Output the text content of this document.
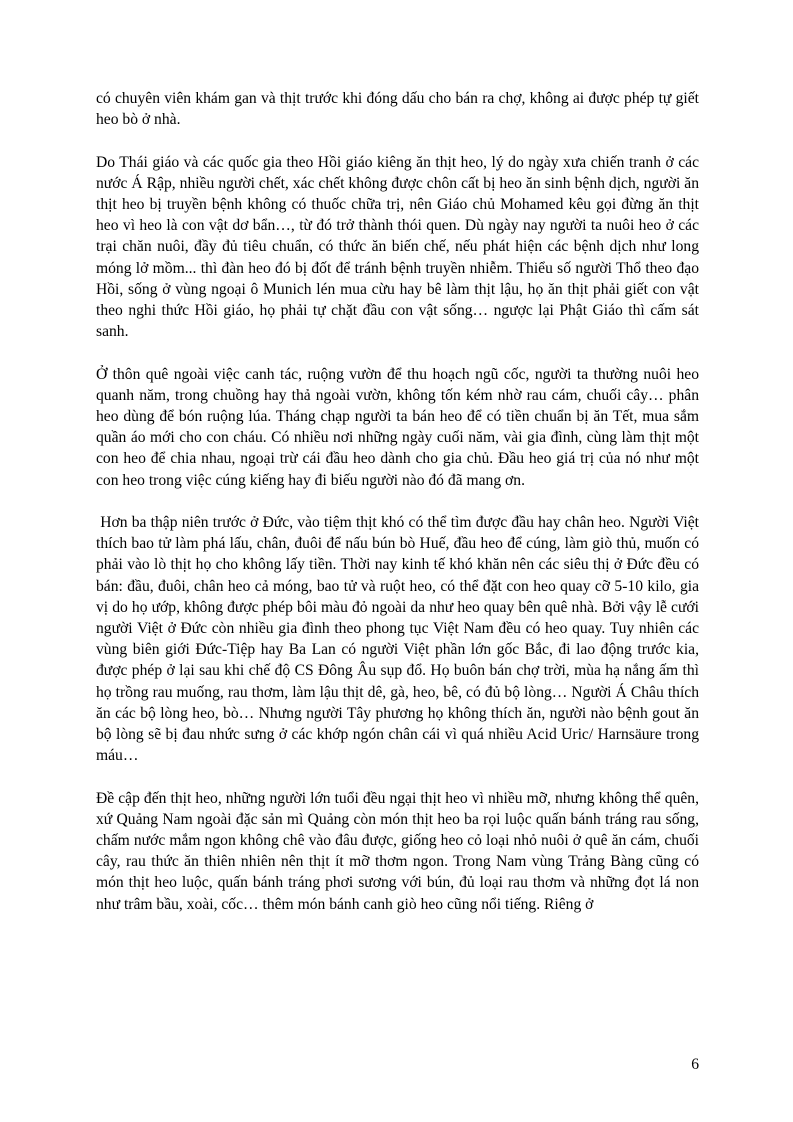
có chuyên viên khám gan và thịt trước khi đóng dấu cho bán ra chợ, không ai được phép tự giết heo bò ở nhà.

Do Thái giáo và các quốc gia theo Hồi giáo kiêng ăn thịt heo, lý do ngày xưa chiến tranh ở các nước Á Rập, nhiều người chết, xác chết không được chôn cất bị heo ăn sinh bệnh dịch, người ăn thịt heo bị truyền bệnh không có thuốc chữa trị, nên Giáo chủ Mohamed kêu gọi đừng ăn thịt heo vì heo là con vật dơ bẩn…, từ đó trở thành thói quen. Dù ngày nay người ta nuôi heo ở các trại chăn nuôi, đầy đủ tiêu chuẩn, có thức ăn biến chế, nếu phát hiện các bệnh dịch như long móng lở mồm... thì đàn heo đó bị đốt để tránh bệnh truyền nhiễm. Thiểu số người Thổ theo đạo Hồi, sống ở vùng ngoại ô Munich lén mua cừu hay bê làm thịt lậu, họ ăn thịt phải giết con vật theo nghi thức Hồi giáo, họ phải tự chặt đầu con vật sống… ngược lại Phật Giáo thì cấm sát sanh.

Ở thôn quê ngoài việc canh tác, ruộng vườn để thu hoạch ngũ cốc, người ta thường nuôi heo quanh năm, trong chuồng hay thả ngoài vườn, không tốn kém nhờ rau cám, chuối cây… phân heo dùng để bón ruộng lúa. Tháng chạp người ta bán heo để có tiền chuẩn bị ăn Tết, mua sắm quần áo mới cho con cháu. Có nhiều nơi những ngày cuối năm, vài gia đình, cùng làm thịt một con heo để chia nhau, ngoại trừ cái đầu heo dành cho gia chủ. Đầu heo giá trị của nó như một con heo trong việc cúng kiếng hay đi biếu người nào đó đã mang ơn.

Hơn ba thập niên trước ở Đức, vào tiệm thịt khó có thể tìm được đầu hay chân heo. Người Việt thích bao tử làm phá lấu, chân, đuôi để nấu bún bò Huế, đầu heo để cúng, làm giò thủ, muốn có phải vào lò thịt họ cho không lấy tiền. Thời nay kinh tế khó khăn nên các siêu thị ở Đức đều có bán: đầu, đuôi, chân heo cả móng, bao tử và ruột heo, có thể đặt con heo quay cỡ 5-10 kilo, gia vị do họ ướp, không được phép bôi màu đỏ ngoài da như heo quay bên quê nhà. Bởi vậy lễ cưới người Việt ở Đức còn nhiều gia đình theo phong tục Việt Nam đều có heo quay. Tuy nhiên các vùng biên giới Đức-Tiệp hay Ba Lan có người Việt phần lớn gốc Bắc, đi lao động trước kia, được phép ở lại sau khi chế độ CS Đông Âu sụp đổ. Họ buôn bán chợ trời, mùa hạ nắng ấm thì họ trồng rau muống, rau thơm, làm lậu thịt dê, gà, heo, bê, có đủ bộ lòng… Người Á Châu thích ăn các bộ lòng heo, bò… Nhưng người Tây phương họ không thích ăn, người nào bệnh gout ăn bộ lòng sẽ bị đau nhức sưng ở các khớp ngón chân cái vì quá nhiều Acid Uric/ Harnsäure trong máu…

Đề cập đến thịt heo, những người lớn tuổi đều ngại thịt heo vì nhiều mỡ, nhưng không thể quên, xứ Quảng Nam ngoài đặc sản mì Quảng còn món thịt heo ba rọi luộc quấn bánh tráng rau sống, chấm nước mắm ngon không chê vào đâu được, giống heo cỏ loại nhỏ nuôi ở quê ăn cám, chuối cây, rau thức ăn thiên nhiên nên thịt ít mỡ thơm ngon. Trong Nam vùng Trảng Bàng cũng có món thịt heo luộc, quấn bánh tráng phơi sương với bún, đủ loại rau thơm và những đọt lá non như trâm bầu, xoài, cốc… thêm món bánh canh giò heo cũng nổi tiếng. Riêng ở

6
